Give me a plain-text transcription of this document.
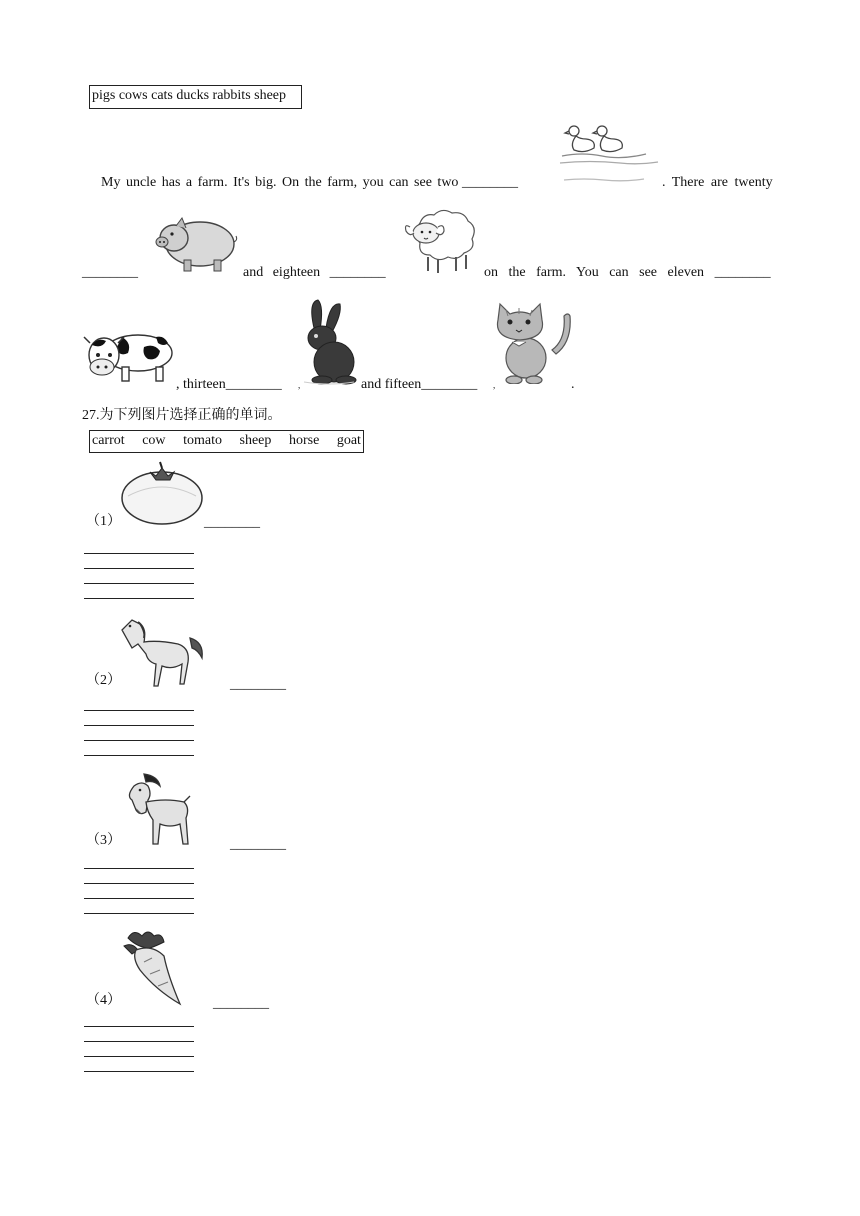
pigs cows cats ducks rabbits sheep
My uncle has a farm. It's big. On the farm, you can see two ________	. There are twenty
________	and eighteen ________	on the farm. You can see eleven ________
, thirteen________ ,	and fifteen________ ,	.
27.为下列图片选择正确的单词。
carrot cow tomato sheep horse goat
（1）	________
（2）	________
（3）	________
（4）	________
